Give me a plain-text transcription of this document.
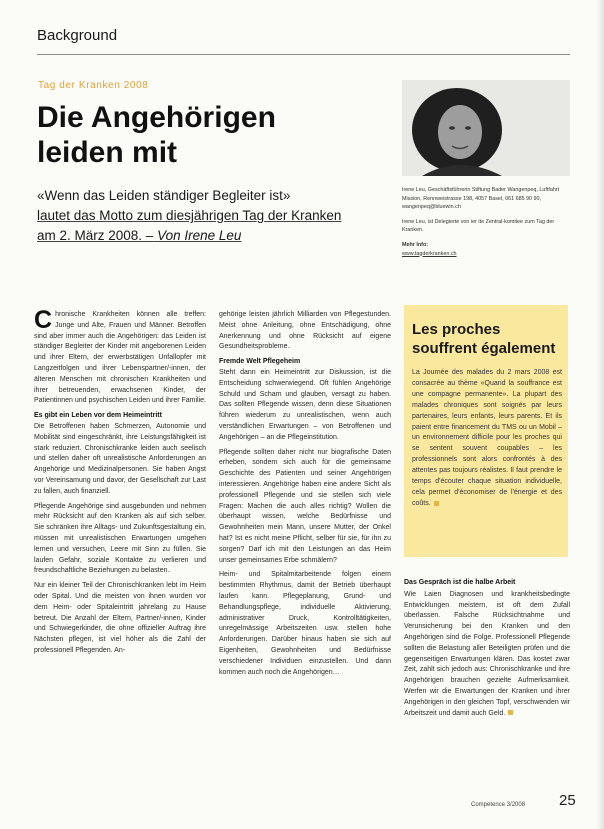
Background
Tag der Kranken 2008
Die Angehörigen leiden mit
«Wenn das Leiden ständiger Begleiter ist»
lautet das Motto zum diesjährigen Tag der Kranken
am 2. März 2008. – Von Irene Leu

Irene Leu, Geschäftsführerin Stiftung Bader Wangenpeq, Luftfahrt Mission, Rennweistrasse 198, 4057 Basel, 061 685 90 90, wangenpeq@bluewin.ch

Irene Leu, ist Delegierte von ier ite Zentral-komitee zum Tag der Kranken.

Mehr Info:

www.tagderkranken.ch

Chronische Krankheiten können alle treffen: Junge und Alte, Frauen und Männer. Betroffen sind aber immer auch die Angehörigen: das Leiden ist ständiger Begleiter der Kinder mit angeborenen Leiden und ihrer Eltern, der erwerbstätigen Unfallopfer mit Langzeitfolgen und ihrer Lebenspartner/-innen, der älteren Menschen mit chronischen Krankheiten und ihrer betreuenden, erwachsenen Kinder, der Patientinnen und psychischen Leiden und ihrer Familie.

Es gibt ein Leben vor dem Heimeintritt

Die Betroffenen haben Schmerzen, Autonomie und Mobilität sind eingeschränkt, ihre Leistungsfähigkeit ist stark reduziert. Chronischkranke leiden auch seelisch und stellen daher oft unrealistische Anforderungen an Angehörige und Medizinalpersonen. Sie haben Angst vor Vereinsamung und davor, der Gesellschaft zur Last zu fallen, auch finanziell.

Pflegende Angehörige sind ausgebunden und nehmen mehr Rücksicht auf den Kranken als auf sich selber. Sie schränken ihre Alltags- und Zukunftsgestaltung ein, müssen mit unrealistischen Erwartungen umgehen lernen und versuchen, Leere mit Sinn zu füllen. Sie laufen Gefahr, soziale Kontakte zu verlieren und freundschaftliche Beziehungen zu belasten.

Nur ein kleiner Teil der Chronischkranken lebt im Heim oder Spital. Und die meisten von ihnen wurden vor dem Heim- oder Spitaleintritt jahrelang zu Hause betreut. Die Anzahl der Eltern, Partner/-innen, Kinder und Schwiegerkinder, die ohne offizieller Auftrag ihre Nächsten pflegen, ist viel höher als die Zahl der professionell Pflegenden. An-

gehörige leisten jährlich Milliarden von Pflegestunden. Meist ohne Anleitung, ohne Entschädigung, ohne Anerkennung und ohne Rücksicht auf eigene Gesundheitsprobleme.

Fremde Welt Pflegeheim

Steht dann ein Heimeintritt zur Diskussion, ist die Entscheidung schwerwiegend. Oft fühlen Angehörige Schuld und Scham und glauben, versagt zu haben. Das sollten Pflegende wissen, denn diese Situationen führen wiederum zu unrealistischen, wenn auch verständlichen Erwartungen – von Betroffenen und Angehörigen – an die Pflegeinstitution.

Pflegende sollten daher nicht nur biografische Daten erheben, sondern sich auch für die gemeinsame Geschichte des Patienten und seiner Angehörigen interessieren. Angehörige haben eine andere Sicht als professionell Pflegende und sie stellen sich viele Fragen: Machen die auch alles richtig? Wollen die überhaupt wissen, welche Bedürfnisse und Gewohnheiten mein Mann, unsere Mutter, der Onkel hat? Ist es nicht meine Pflicht, selber für sie, für ihn zu sorgen? Darf ich mit den Leistungen an das Heim unser gemeinsames Erbe schmälern?

Heim- und Spitalmitarbeitende folgen einem bestimmten Rhythmus, damit der Betrieb überhaupt laufen kann. Pflegeplanung, Grund- und Behandlungspflege, individuelle Aktivierung, administrativer Druck, Kontrolltätigkeiten, unregelmässige Arbeitszeiten usw. stellen hohe Anforderungen. Darüber hinaus haben sie sich auf Eigenheiten, Gewohnheiten und Bedürfnisse verschiedener Individuen einzustellen. Und dann kommen auch noch die Angehörigen…

Les proches souffrent également
La Journée des malades du 2 mars 2008 est consacrée au thème «Quand la souffrance est une compagne permanente». La plupart des malades chroniques sont soignés par leurs partenaires, leurs enfants, leurs parents. Et ils paient entre financement du TMS ou un Mobil – un environnement difficile pour les proches qui se sentent souvent coupables – les professionnels sont alors confrontés à des attentes pas toujours réalistes. Il faut prendre le temps d'écouter chaque situation individuelle, cela permet d'économiser de l'énergie et des coûts.
Das Gespräch ist die halbe Arbeit
Wie Laien Diagnosen und krankheitsbedingte Entwicklungen meistern, ist oft dem Zufall überlassen. Falsche Rücksichtnahme und Verunsicherung bei den Kranken und den Angehörigen sind die Folge. Professionell Pflegende sollten die Belastung aller Beteiligten prüfen und die gegenseitigen Erwartungen klären. Das kostet zwar Zeit, zahlt sich jedoch aus: Chronischkranke und ihre Angehörigen brauchen gezielte Aufmerksamkeit. Werfen wir die Erwartungen der Kranken und ihrer Angehörigen in den gleichen Topf, verschwenden wir Arbeitszeit und damit auch Geld.
Competence 3/2008 25
